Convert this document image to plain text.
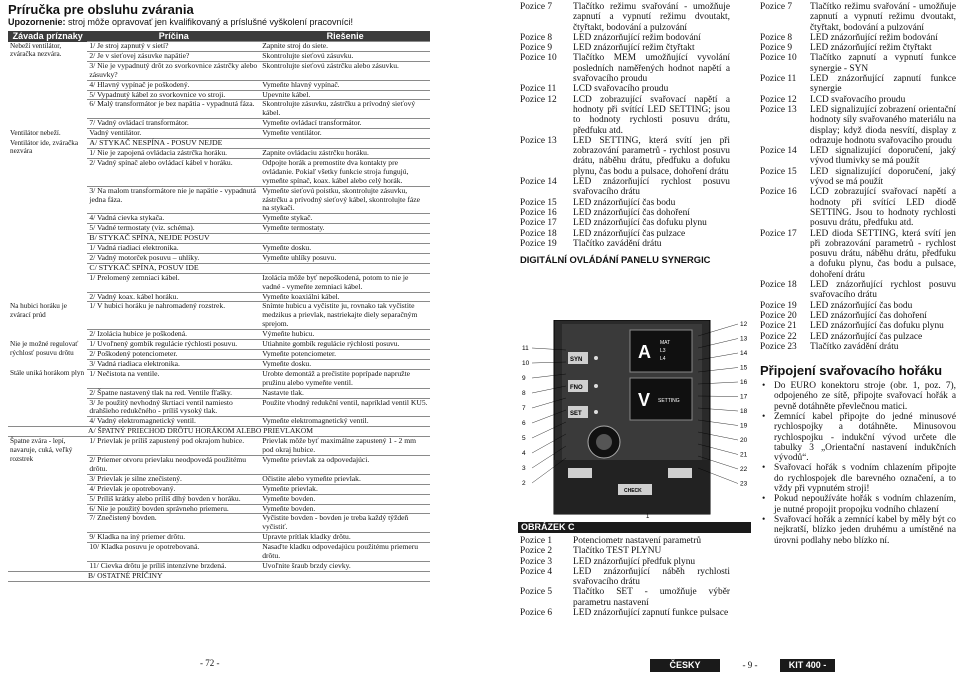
Príručka pre obsluhu zvárania
Upozornenie: stroj môže opravovať jen kvalifikovaný a príslušné vyškolení pracovníci!
Závada príznaky	Príčina	Riešenie
Nebeží ventilátor, zváračka nezvára.	1/ Je stroj zapnutý v sietí?	Zapnite stroj do siete.
	2/ Je v sieťovej zásuvke napätie?	Skontrolujte sieťovú zásuvku.
	3/ Nie je vypadnutý drôt zo svorkovnice zástrčky alebo zásuvky?	Skontrolujte sieťovú zástrčku alebo zásuvku.
	4/ Hlavný vypínač je poškodený.	Vymeňte hlavný vypínač.
	5/ Vypadnutý kábel zo svorkovnice vo stroji.	Upevnite kábel.
	6/ Malý transformátor je bez napätia - vypadnutá fáza.	Skontrolujte zásuvku, zástrčku a prívodný sieťový kábel.
	7/ Vadný ovládací transformátor.	Vymeňte ovládací transformátor.
Ventilátor nebeží.	Vadný ventilátor.	Vymeňte ventilátor.
Ventilátor ide, zváračka nezvára	A/ STYKAČ NESPÍNA - POSUV NEJDE	
	1/ Nie je zapojená ovládacia zástrčka horáku.	Zapnite ovládaciu zástrčku horáku.
	2/ Vadný spínač alebo ovládací kábel v horáku.	Odpojte horák a premostite dva kontakty pre ovládanie. Pokiaľ všetky funkcie stroja fungujú, vymeňte spínač, koax. kábel alebo celý horák.
	3/ Na malom transformátore nie je napätie - vypadnutá jedna fáza.	Vymeňte sieťovú poistku, skontrolujte zásuvku, zástrčku a prívodný sieťový kábel, skontrolujte fáze na stykači.
	4/ Vadná cievka stykača.	Vymeňte stykač.
	5/ Vadné termostaty (viz. schéma).	Vymeňte termostaty.
	B/ STYKAČ SPÍNA, NEJDE POSUV	
	1/ Vadná riadiaci elektronika.	Vymeňte dosku.
	2/ Vadný motorček posuvu – uhlíky.	Vymeňte uhlíky posuvu.
	C/ STYKAČ SPÍNA, POSUV IDE	
	1/ Prelomený zemniaci kábel.	Izolácia môže byť nepoškodená, potom to nie je vadné - vymeňte zemniaci kábel.
	2/ Vadný koax. kábel horáku.	Vymeňte koaxiálni kábel.
Na hubici horáku je zvárací prúd	1/ V hubici horáku je nahromadený rozstrek.	Snímte hubicu a vyčistite ju, rovnako tak vyčistite medzikus a prievlak, nastriekajte diely separačným sprejom.
	2/ Izolácia hubice je poškodená.	Výmeňte hubicu.
Nie je možné regulovať rýchlosť posuvu drôtu	1/ Uvoľnený gombík regulácie rýchlosti posuvu.	Utiahnite gombík regulácie rýchlosti posuvu.
	2/ Poškodený potenciometer.	Vymeňte potenciometer.
	3/ Vadná riadiaca elektronika.	Vymeňte dosku.
Stále uniká horákom plyn	1/ Nečistota na ventile.	Urobte demontáž a prečistite poprípade napružte pružinu alebo vymeňte ventil.
	2/ Špatne nastavený tlak na red. Ventile fľašky.	Nastavte tlak.
	3/ Je použitý nevhodný škrtiaci ventil namiesto drahšieho redukčného - príliš vysoký tlak.	Použite vhodný redukční ventil, napríklad ventil KU5.
	4/ Vadný elektromagnetický ventil.	Vymeňte elektromagnetický ventil.
A/ ŠPATNÝ PRIECHOD DRÔTU HORÁKOM ALEBO PRIEVLAKOM		
Špatne zvára - lepí, navaruje, cuká, veľký rozstrek	1/ Prievlak je príliš zapustený pod okrajom hubice.	Prievlak môže byť maximálne zapustený 1 - 2 mm pod okraj hubice.
	2/ Priemer otvoru prievlaku neodpovedá použitému drôtu.	Vymeňte prievlak za odpovedajúci.
	3/ Prievlak je silne znečistený.	Očistite alebo vymeňte prievlak.
	4/ Prievlak je opotrebovaný.	Vymeňte prievlak.
	5/ Príliš krátky alebo príliš dlhý bovden v horáku.	Vymeňte bovden.
	6/ Nie je použitý bovden správneho priemeru.	Vymeňte bovden.
	7/ Znečistený bovden.	Vyčistite bovden - bovden je treba každý týždeň vyčistiť.
	9/ Kladka na iný priemer drôtu.	Upravte prítlak kladky drôtu.
	10/ Kladka posuvu je opotrebovaná.	Nasaďte kladku odpovedajúcu použitému priemeru drôtu.
	11/ Cievka drôtu je príliš intenzívne brzdená.	Uvoľnite šraub brzdy cievky.
B/ OSTATNÉ PRÍČINY		
- 72 -
Pozice 7	Tlačítko režimu svařování - umožňuje zapnutí a vypnutí režimu dvoutakt, čtyřtakt, bodování a pulzování
Pozice 8	LED znázorňující režim bodování
Pozice 9	LED znázorňující režim čtyřtakt
Pozice 10	Tlačítko MEM umožňující vyvolání posledních naměřených hodnot napětí a svařovacího proudu
Pozice 11	LCD svařovacího proudu
Pozice 12	LCD zobrazující svařovací napětí a hodnoty při svítící LED SETTING; jsou to hodnoty rychlosti posuvu drátu, předfuku atd.
Pozice 13	LED SETTING, která svítí jen při zobrazování parametrů - rychlost posuvu drátu, náběhu drátu, předfuku a dofuku plynu, čas bodu a pulsace, dohoření drátu
Pozice 14	LED znázorňující rychlost posuvu svařovacího drátu
Pozice 15	LED znázorňující čas bodu
Pozice 16	LED znázorňující čas dohoření
Pozice 17	LED znázorňující čas dofuku plynu
Pozice 18	LED znázorňující čas pulzace
Pozice 19	Tlačítko zavádění drátu
DIGITÁLNÍ OVLÁDÁNÍ PANELU SYNERGIC
A MAT
L3
L4
V SETTING
SYN
FNO
SET
CHECK
11
10
9
8
7
6
5
4
3
2
12
13
14
15
16
17
18
19
20
21
22
23
1
OBRÁZEK C
Pozice 1	Potenciometr nastavení parametrů
Pozice 2	Tlačítko TEST PLYNU
Pozice 3	LED znázorňující předfuk plynu
Pozice 4	LED znázorňující náběh rychlosti svařovacího drátu
Pozice 5	Tlačítko SET - umožňuje výběr parametru nastavení
Pozice 6	LED znázorňující zapnutí funkce pulsace
Pozice 7	Tlačítko režimu svařování - umožňuje zapnutí a vypnutí režimu dvoutakt, čtyřtakt, bodování a pulzování
Pozice 8	LED znázorňující režim bodování
Pozice 9	LED znázorňující režim čtyřtakt
Pozice 10	Tlačítko zapnutí a vypnutí funkce synergie - SYN
Pozice 11	LED znázorňující zapnutí funkce synergie
Pozice 12	LCD svařovacího proudu
Pozice 13	LED signalizující zobrazení orientační hodnoty síly svařovaného materiálu na display; když dioda nesvítí, display z odrazuje hodnotu svařovacího proudu
Pozice 14	LED signalizující doporučení, jaký vývod tlumivky se má použít
Pozice 15	LED signalizující doporučení, jaký vývod se má použít
Pozice 16	LCD zobrazující svařovací napětí a hodnoty při svítící LED diodě SETTING. Jsou to hodnoty rychlosti posuvu drátu, předfuku atd.
Pozice 17	LED dioda SETTING, která svítí jen při zobrazování parametrů - rychlost posuvu drátu, náběhu drátu, předfuku a dofuku plynu, čas bodu a pulsace, dohoření drátu
Pozice 18	LED znázorňující rychlost posuvu svařovacího drátu
Pozice 19	LED znázorňující čas bodu
Pozice 20	LED znázorňující čas dohoření
Pozice 21	LED znázorňující čas dofuku plynu
Pozice 22	LED znázorňující čas pulzace
Pozice 23	Tlačítko zavádění drátu
Připojení svařovacího hořáku
• Do EURO konektoru stroje (obr. 1, poz. 7), odpojeného ze sítě, připojte svařovací hořák a pevně dotáhněte převlečnou matici.
• Zemnící kabel připojte do jedné minusové rychlospojky a dotáhněte. Minusovou rychlospojku - indukční vývod určete dle tabulky 3 „Orientační nastavení indukčních vývodů“.
• Svařovací hořák s vodním chlazením připojte do rychlospojek dle barevného označení, a to vždy při vypnutém stroji!
• Pokud nepoužíváte hořák s vodním chlazením, je nutné propojit propojku vodního chlazení
• Svařovací hořák a zemnící kabel by měly být co nejkratší, blízko jeden druhému a umístěné na úrovni podlahy nebo blízko ní.
ČESKY	- 9 -	KIT 400 - 500
